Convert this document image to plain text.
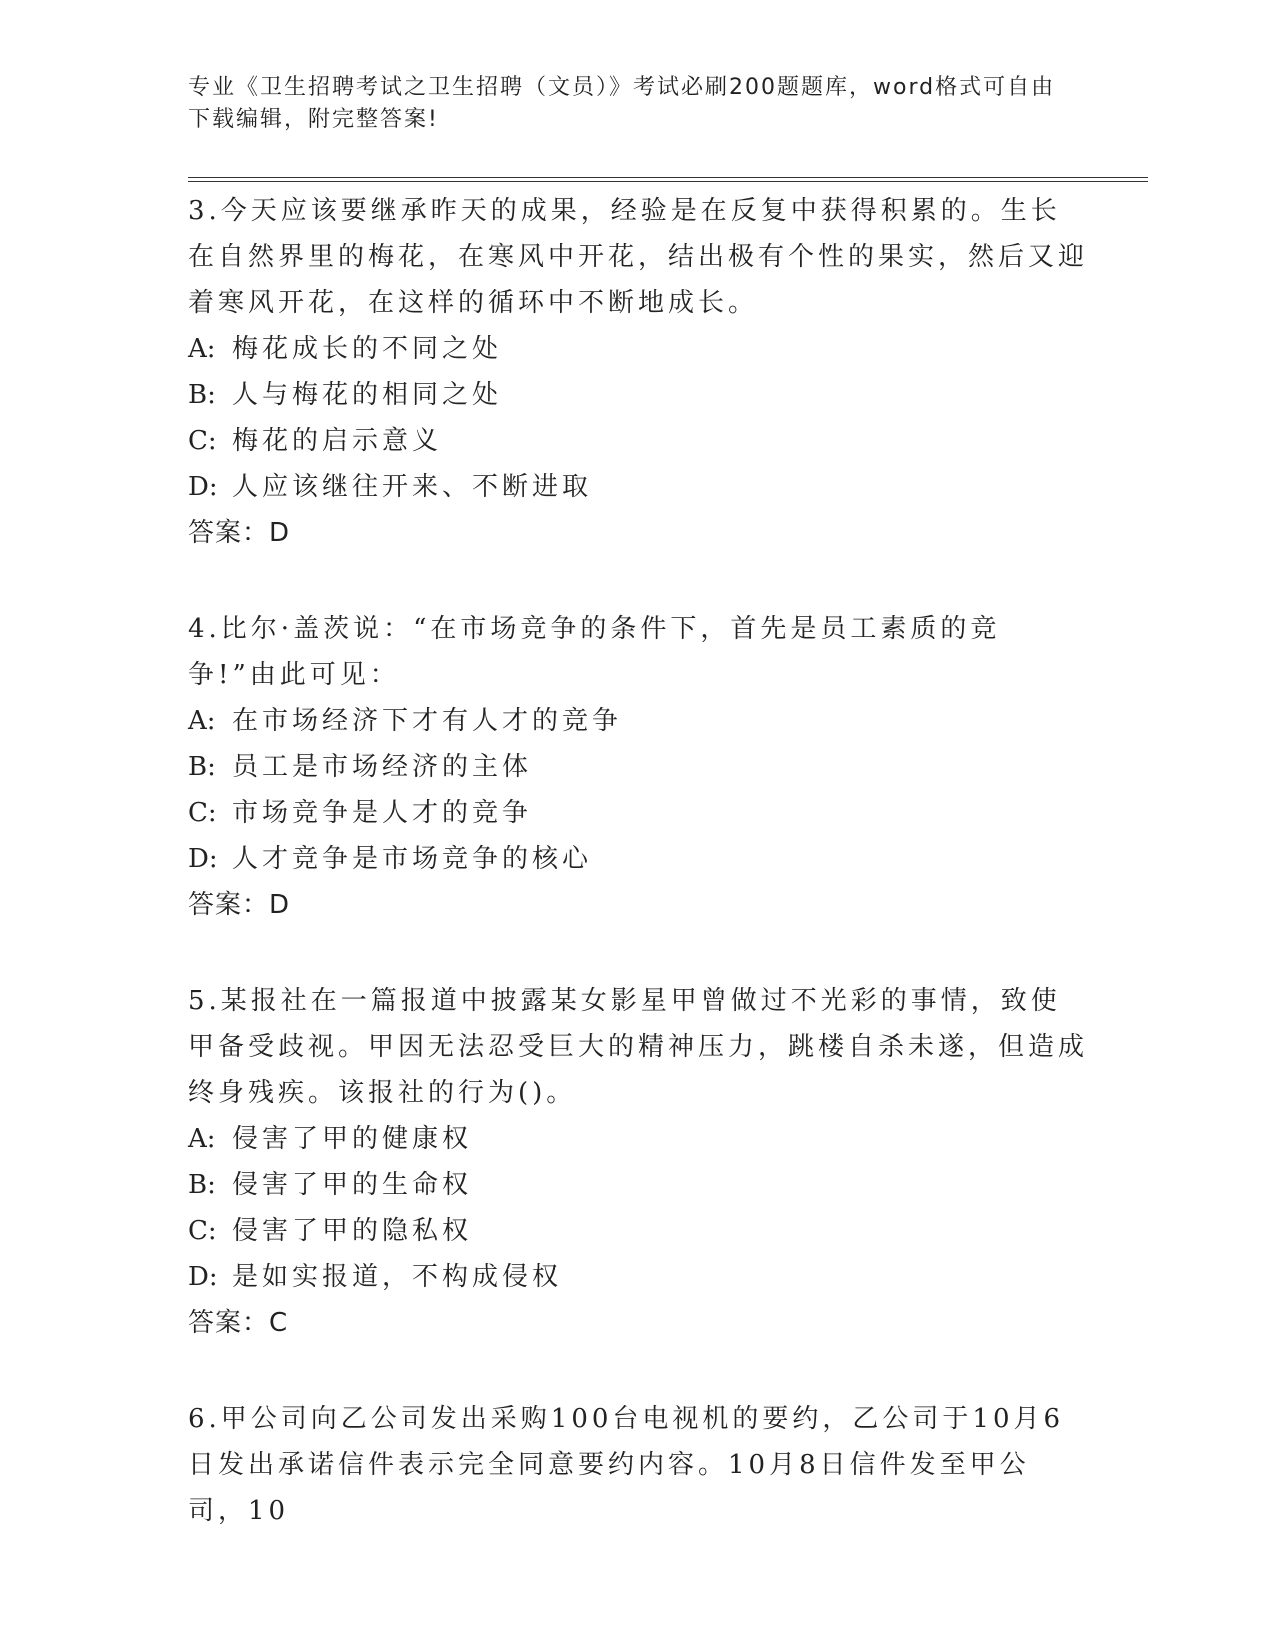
专业《卫生招聘考试之卫生招聘（文员）》考试必刷200题题库，word格式可自由下载编辑，附完整答案!

3.今天应该要继承昨天的成果，经验是在反复中获得积累的。生长在自然界里的梅花，在寒风中开花，结出极有个性的果实，然后又迎着寒风开花，在这样的循环中不断地成长。

A: 梅花成长的不同之处

B: 人与梅花的相同之处

C: 梅花的启示意义

D: 人应该继往开来、不断进取

答案：D

4.比尔·盖茨说：“在市场竞争的条件下，首先是员工素质的竞争!”由此可见：

A: 在市场经济下才有人才的竞争

B: 员工是市场经济的主体

C: 市场竞争是人才的竞争

D: 人才竞争是市场竞争的核心

答案：D

5.某报社在一篇报道中披露某女影星甲曾做过不光彩的事情，致使甲备受歧视。甲因无法忍受巨大的精神压力，跳楼自杀未遂，但造成终身残疾。该报社的行为()。

A: 侵害了甲的健康权

B: 侵害了甲的生命权

C: 侵害了甲的隐私权

D: 是如实报道，不构成侵权

答案：C

6.甲公司向乙公司发出采购100台电视机的要约，乙公司于10月6日发出承诺信件表示完全同意要约内容。10月8日信件发至甲公司，10
